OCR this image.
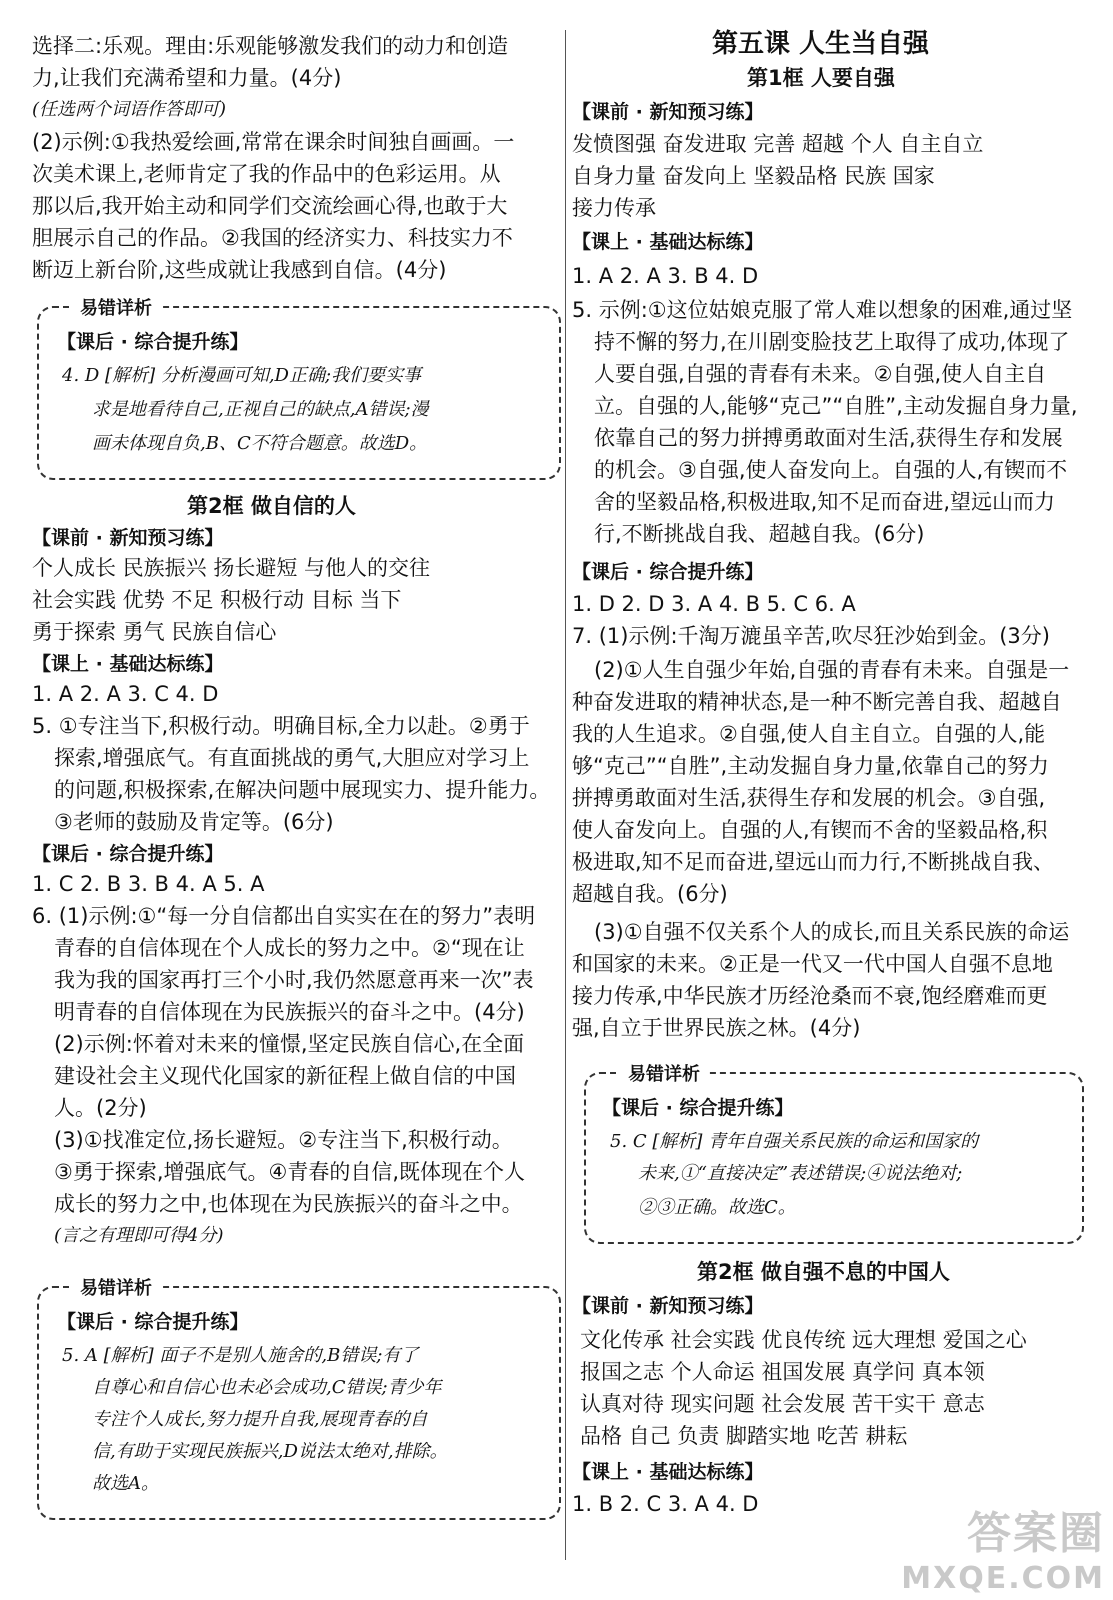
选择二:乐观。理由:乐观能够激发我们的动力和创造
力,让我们充满希望和力量。(4分)
(任选两个词语作答即可)
(2)示例:①我热爱绘画,常常在课余时间独自画画。一
次美术课上,老师肯定了我的作品中的色彩运用。从
那以后,我开始主动和同学们交流绘画心得,也敢于大
胆展示自己的作品。②我国的经济实力、科技实力不
断迈上新台阶,这些成就让我感到自信。(4分)
易错详析
【课后 · 综合提升练】
4. D [解析] 分析漫画可知,D正确;我们要实事
求是地看待自己,正视自己的缺点,A错误;漫
画未体现自负,B、C不符合题意。故选D。
第2框 做自信的人
【课前 · 新知预习练】
个人成长 民族振兴 扬长避短 与他人的交往
社会实践 优势 不足 积极行动 目标 当下
勇于探索 勇气 民族自信心
【课上 · 基础达标练】
1. A 2. A 3. C 4. D
5. ①专注当下,积极行动。明确目标,全力以赴。②勇于
探索,增强底气。有直面挑战的勇气,大胆应对学习上
的问题,积极探索,在解决问题中展现实力、提升能力。
③老师的鼓励及肯定等。(6分)
【课后 · 综合提升练】
1. C 2. B 3. B 4. A 5. A
6. (1)示例:①“每一分自信都出自实实在在的努力”表明
青春的自信体现在个人成长的努力之中。②“现在让
我为我的国家再打三个小时,我仍然愿意再来一次”表
明青春的自信体现在为民族振兴的奋斗之中。(4分)
(2)示例:怀着对未来的憧憬,坚定民族自信心,在全面
建设社会主义现代化国家的新征程上做自信的中国
人。(2分)
(3)①找准定位,扬长避短。②专注当下,积极行动。
③勇于探索,增强底气。④青春的自信,既体现在个人
成长的努力之中,也体现在为民族振兴的奋斗之中。
(言之有理即可得4分)
易错详析
【课后 · 综合提升练】
5. A [解析] 面子不是别人施舍的,B错误;有了
自尊心和自信心也未必会成功,C错误;青少年
专注个人成长,努力提升自我,展现青春的自
信,有助于实现民族振兴,D说法太绝对,排除。
故选A。
第五课 人生当自强
第1框 人要自强
【课前 · 新知预习练】
发愤图强 奋发进取 完善 超越 个人 自主自立
自身力量 奋发向上 坚毅品格 民族 国家
接力传承
【课上 · 基础达标练】
1. A 2. A 3. B 4. D
5. 示例:①这位姑娘克服了常人难以想象的困难,通过坚
持不懈的努力,在川剧变脸技艺上取得了成功,体现了
人要自强,自强的青春有未来。②自强,使人自主自
立。自强的人,能够“克己”“自胜”,主动发掘自身力量,
依靠自己的努力拼搏勇敢面对生活,获得生存和发展
的机会。③自强,使人奋发向上。自强的人,有锲而不
舍的坚毅品格,积极进取,知不足而奋进,望远山而力
行,不断挑战自我、超越自我。(6分)
【课后 · 综合提升练】
1. D 2. D 3. A 4. B 5. C 6. A
7. (1)示例:千淘万漉虽辛苦,吹尽狂沙始到金。(3分)
(2)①人生自强少年始,自强的青春有未来。自强是一
种奋发进取的精神状态,是一种不断完善自我、超越自
我的人生追求。②自强,使人自主自立。自强的人,能
够“克己”“自胜”,主动发掘自身力量,依靠自己的努力
拼搏勇敢面对生活,获得生存和发展的机会。③自强,
使人奋发向上。自强的人,有锲而不舍的坚毅品格,积
极进取,知不足而奋进,望远山而力行,不断挑战自我、
超越自我。(6分)
(3)①自强不仅关系个人的成长,而且关系民族的命运
和国家的未来。②正是一代又一代中国人自强不息地
接力传承,中华民族才历经沧桑而不衰,饱经磨难而更
强,自立于世界民族之林。(4分)
易错详析
【课后 · 综合提升练】
5. C [解析] 青年自强关系民族的命运和国家的
未来,①“直接决定”表述错误;④说法绝对;
②③正确。故选C。
第2框 做自强不息的中国人
【课前 · 新知预习练】
文化传承 社会实践 优良传统 远大理想 爱国之心
报国之志 个人命运 祖国发展 真学问 真本领
认真对待 现实问题 社会发展 苦干实干 意志
品格 自己 负责 脚踏实地 吃苦 耕耘
【课上 · 基础达标练】
1. B 2. C 3. A 4. D
答案圈
MXQE.COM
